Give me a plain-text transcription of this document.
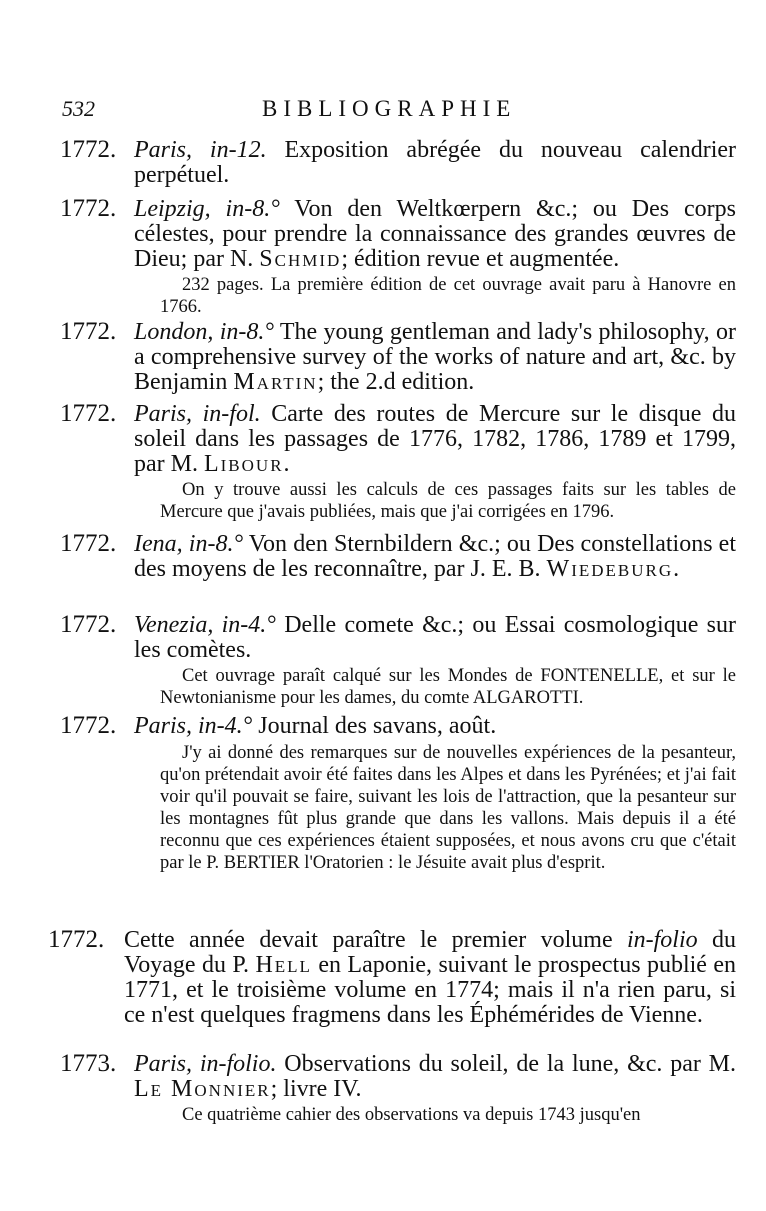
532	BIBLIOGRAPHIE
1772. Paris, in-12. Exposition abrégée du nouveau calendrier perpétuel.
1772. Leipzig, in-8.° Von den Weltkœrpern &c.; ou Des corps célestes, pour prendre la connaissance des grandes œuvres de Dieu; par N. Schmid; édition revue et augmentée.
232 pages. La première édition de cet ouvrage avait paru à Hanovre en 1766.
1772. London, in-8.° The young gentleman and lady's philosophy, or a comprehensive survey of the works of nature and art, &c. by Benjamin Martin; the 2.d edition.
1772. Paris, in-fol. Carte des routes de Mercure sur le disque du soleil dans les passages de 1776, 1782, 1786, 1789 et 1799, par M. Libour.
On y trouve aussi les calculs de ces passages faits sur les tables de Mercure que j'avais publiées, mais que j'ai corrigées en 1796.
1772. Iena, in-8.° Von den Sternbildern &c.; ou Des constellations et des moyens de les reconnaître, par J. E. B. Wiedeburg.
1772. Venezia, in-4.° Delle comete &c.; ou Essai cosmologique sur les comètes.
Cet ouvrage paraît calqué sur les Mondes de FONTENELLE, et sur le Newtonianisme pour les dames, du comte ALGAROTTI.
1772. Paris, in-4.° Journal des savans, août.
J'y ai donné des remarques sur de nouvelles expériences de la pesanteur, qu'on prétendait avoir été faites dans les Alpes et dans les Pyrénées; et j'ai fait voir qu'il pouvait se faire, suivant les lois de l'attraction, que la pesanteur sur les montagnes fût plus grande que dans les vallons. Mais depuis il a été reconnu que ces expériences étaient supposées, et nous avons cru que c'était par le P. BERTIER l'Oratorien : le Jésuite avait plus d'esprit.
1772. Cette année devait paraître le premier volume in-folio du Voyage du P. Hell en Laponie, suivant le prospectus publié en 1771, et le troisième volume en 1774; mais il n'a rien paru, si ce n'est quelques fragmens dans les Éphémérides de Vienne.
1773. Paris, in-folio. Observations du soleil, de la lune, &c. par M. Le Monnier; livre IV.
Ce quatrième cahier des observations va depuis 1743 jusqu'en
